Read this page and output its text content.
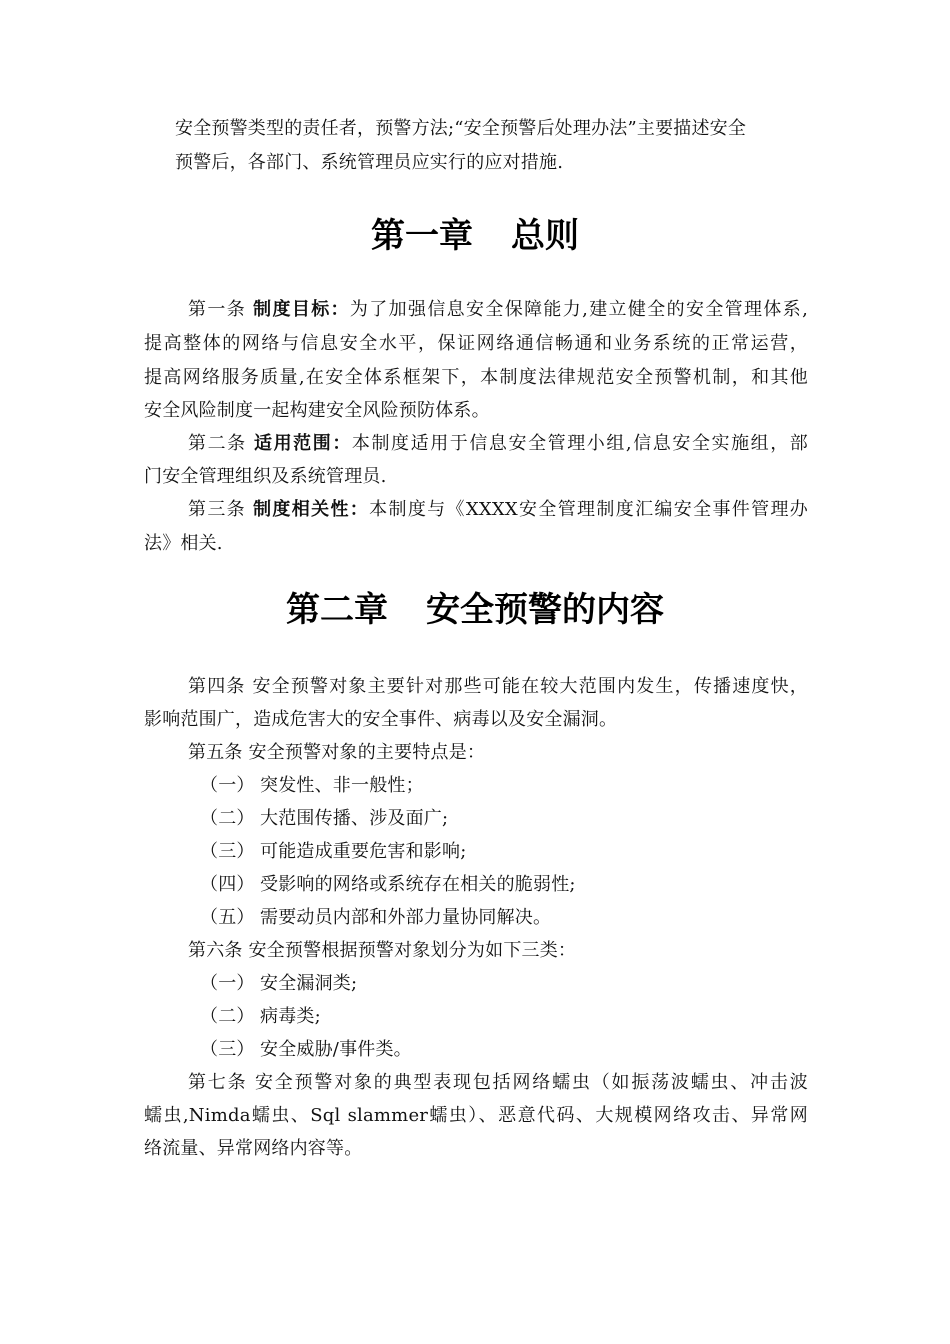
安全预警类型的责任者，预警方法;“安全预警后处理办法”主要描述安全
预警后，各部门、系统管理员应实行的应对措施.
第一章 总则
第一条 制度目标：为了加强信息安全保障能力,建立健全的安全管理体系,
提高整体的网络与信息安全水平，保证网络通信畅通和业务系统的正常运营，
提高网络服务质量,在安全体系框架下，本制度法律规范安全预警机制，和其他
安全风险制度一起构建安全风险预防体系。
第二条 适用范围：本制度适用于信息安全管理小组,信息安全实施组，部
门安全管理组织及系统管理员.
第三条 制度相关性：本制度与《XXXX安全管理制度汇编安全事件管理办
法》相关.
第二章 安全预警的内容
第四条 安全预警对象主要针对那些可能在较大范围内发生，传播速度快，
影响范围广，造成危害大的安全事件、病毒以及安全漏洞。
第五条 安全预警对象的主要特点是：
（一） 突发性、非一般性；
（二） 大范围传播、涉及面广;
（三） 可能造成重要危害和影响;
（四） 受影响的网络或系统存在相关的脆弱性;
（五） 需要动员内部和外部力量协同解决。
第六条 安全预警根据预警对象划分为如下三类：
（一） 安全漏洞类;
（二） 病毒类;
（三） 安全威胁/事件类。
第七条 安全预警对象的典型表现包括网络蠕虫（如振荡波蠕虫、冲击波
蠕虫,Nimda蠕虫、Sql slammer蠕虫）、恶意代码、大规模网络攻击、异常网
络流量、异常网络内容等。
